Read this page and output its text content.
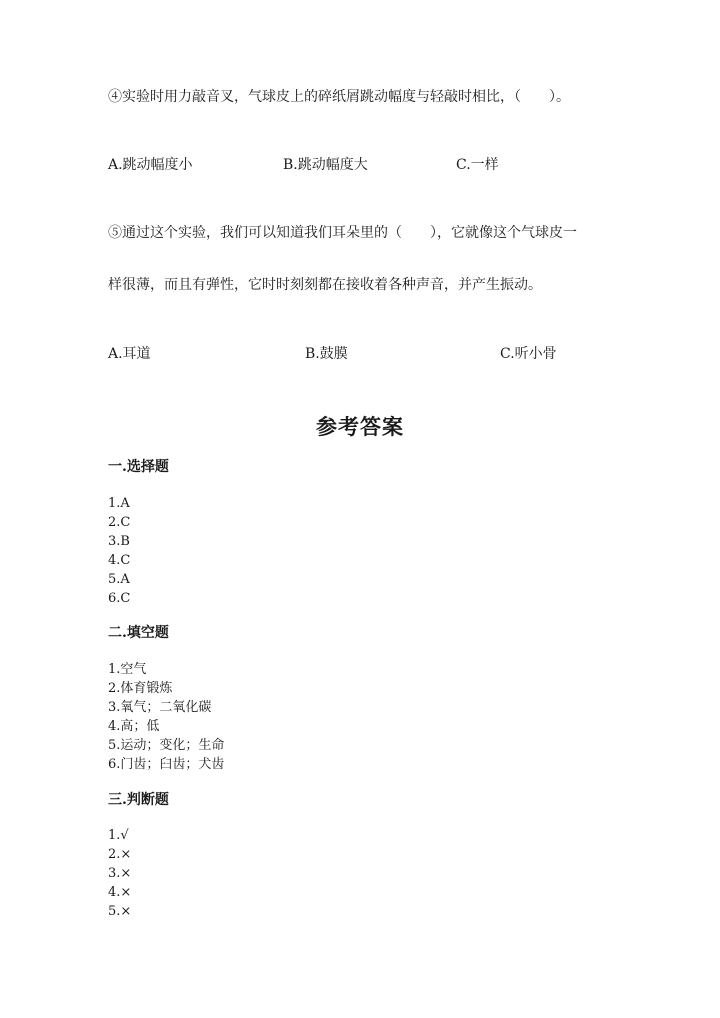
④实验时用力敲音叉，气球皮上的碎纸屑跳动幅度与轻敲时相比，（　　）。
A.跳动幅度小	B.跳动幅度大	C.一样
⑤通过这个实验，我们可以知道我们耳朵里的（　　），它就像这个气球皮一
样很薄，而且有弹性，它时时刻刻都在接收着各种声音，并产生振动。
A.耳道	B.鼓膜	C.听小骨
参考答案
一.选择题
1.A
2.C
3.B
4.C
5.A
6.C
二.填空题
1.空气
2.体育锻炼
3.氧气；二氧化碳
4.高；低
5.运动；变化；生命
6.门齿；臼齿；犬齿
三.判断题
1.√
2.×
3.×
4.×
5.×
